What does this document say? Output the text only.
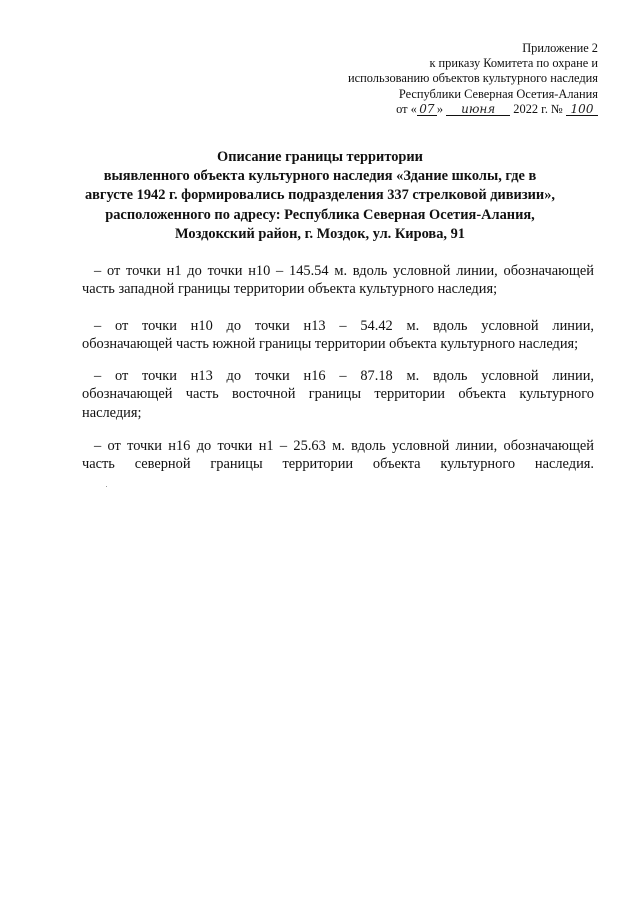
Приложение 2
к приказу Комитета по охране и
использованию объектов культурного наследия
Республики Северная Осетия-Алания
от « 07 » июня 2022 г. № 100
Описание границы территории
выявленного объекта культурного наследия «Здание школы, где в
августе 1942 г. формировались подразделения 337 стрелковой дивизии»,
расположенного по адресу: Республика Северная Осетия-Алания,
Моздокский район, г. Моздок, ул. Кирова, 91
– от точки н1 до точки н10 – 145.54 м. вдоль условной линии, обозначающей
часть западной границы территории объекта культурного наследия;
– от точки н10 до точки н13 – 54.42 м. вдоль условной линии,
обозначающей часть южной границы территории объекта культурного наследия;
– от точки н13 до точки н16 – 87.18 м. вдоль условной линии,
обозначающей часть восточной границы территории объекта культурного наследия;
– от точки н16 до точки н1 – 25.63 м. вдоль условной линии, обозначающей
часть северной границы территории объекта культурного наследия.
